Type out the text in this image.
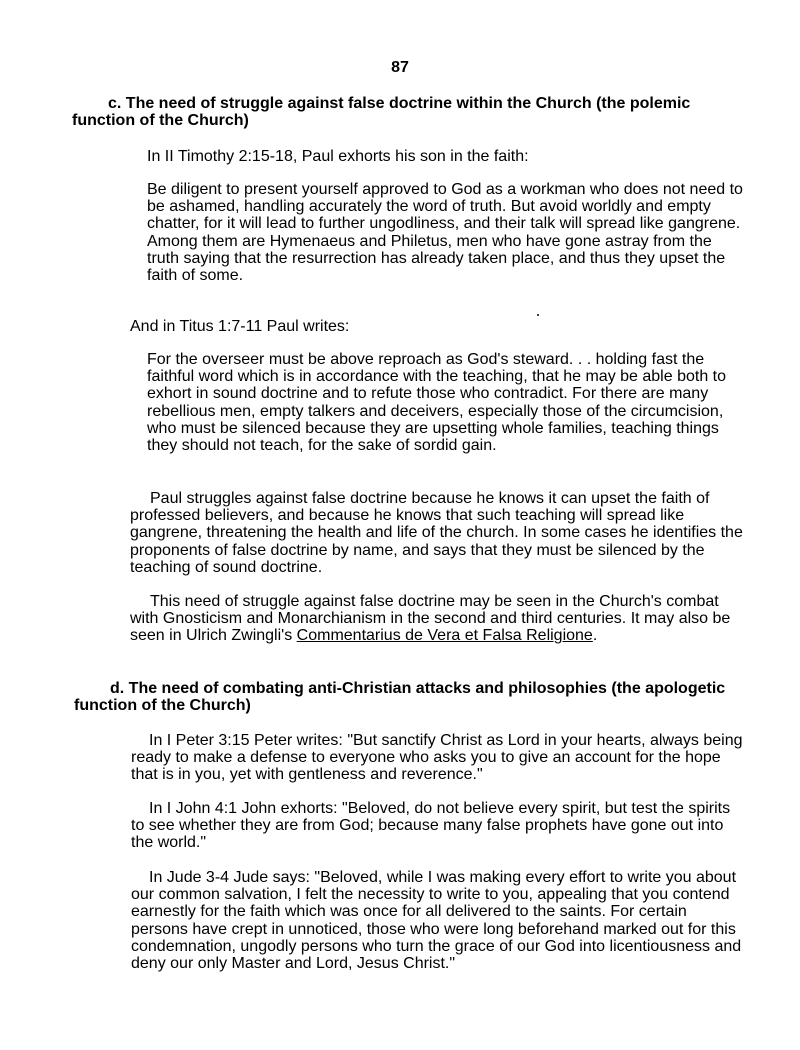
87

c. The need of struggle against false doctrine within the Church (the polemic function of the Church)

In II Timothy 2:15-18, Paul exhorts his son in the faith:

Be diligent to present yourself approved to God as a workman who does not need to be ashamed, handling accurately the word of truth. But avoid worldly and empty chatter, for it will lead to further ungodliness, and their talk will spread like gangrene. Among them are Hymenaeus and Philetus, men who have gone astray from the truth saying that the resurrection has already taken place, and thus they upset the faith of some.

And in Titus 1:7-11 Paul writes:

For the overseer must be above reproach as God's steward. . . holding fast the faithful word which is in accordance with the teaching, that he may be able both to exhort in sound doctrine and to refute those who contradict. For there are many rebellious men, empty talkers and deceivers, especially those of the circumcision, who must be silenced because they are upsetting whole families, teaching things they should not teach, for the sake of sordid gain.

Paul struggles against false doctrine because he knows it can upset the faith of professed believers, and because he knows that such teaching will spread like gangrene, threatening the health and life of the church. In some cases he identifies the proponents of false doctrine by name, and says that they must be silenced by the teaching of sound doctrine.

This need of struggle against false doctrine may be seen in the Church's combat with Gnosticism and Monarchianism in the second and third centuries. It may also be seen in Ulrich Zwingli's Commentarius de Vera et Falsa Religione.

d. The need of combating anti-Christian attacks and philosophies (the apologetic function of the Church)

In I Peter 3:15 Peter writes: "But sanctify Christ as Lord in your hearts, always being ready to make a defense to everyone who asks you to give an account for the hope that is in you, yet with gentleness and reverence."

In I John 4:1 John exhorts: "Beloved, do not believe every spirit, but test the spirits to see whether they are from God; because many false prophets have gone out into the world."

In Jude 3-4 Jude says: "Beloved, while I was making every effort to write you about our common salvation, I felt the necessity to write to you, appealing that you contend earnestly for the faith which was once for all delivered to the saints. For certain persons have crept in unnoticed, those who were long beforehand marked out for this condemnation, ungodly persons who turn the grace of our God into licentiousness and deny our only Master and Lord, Jesus Christ."
